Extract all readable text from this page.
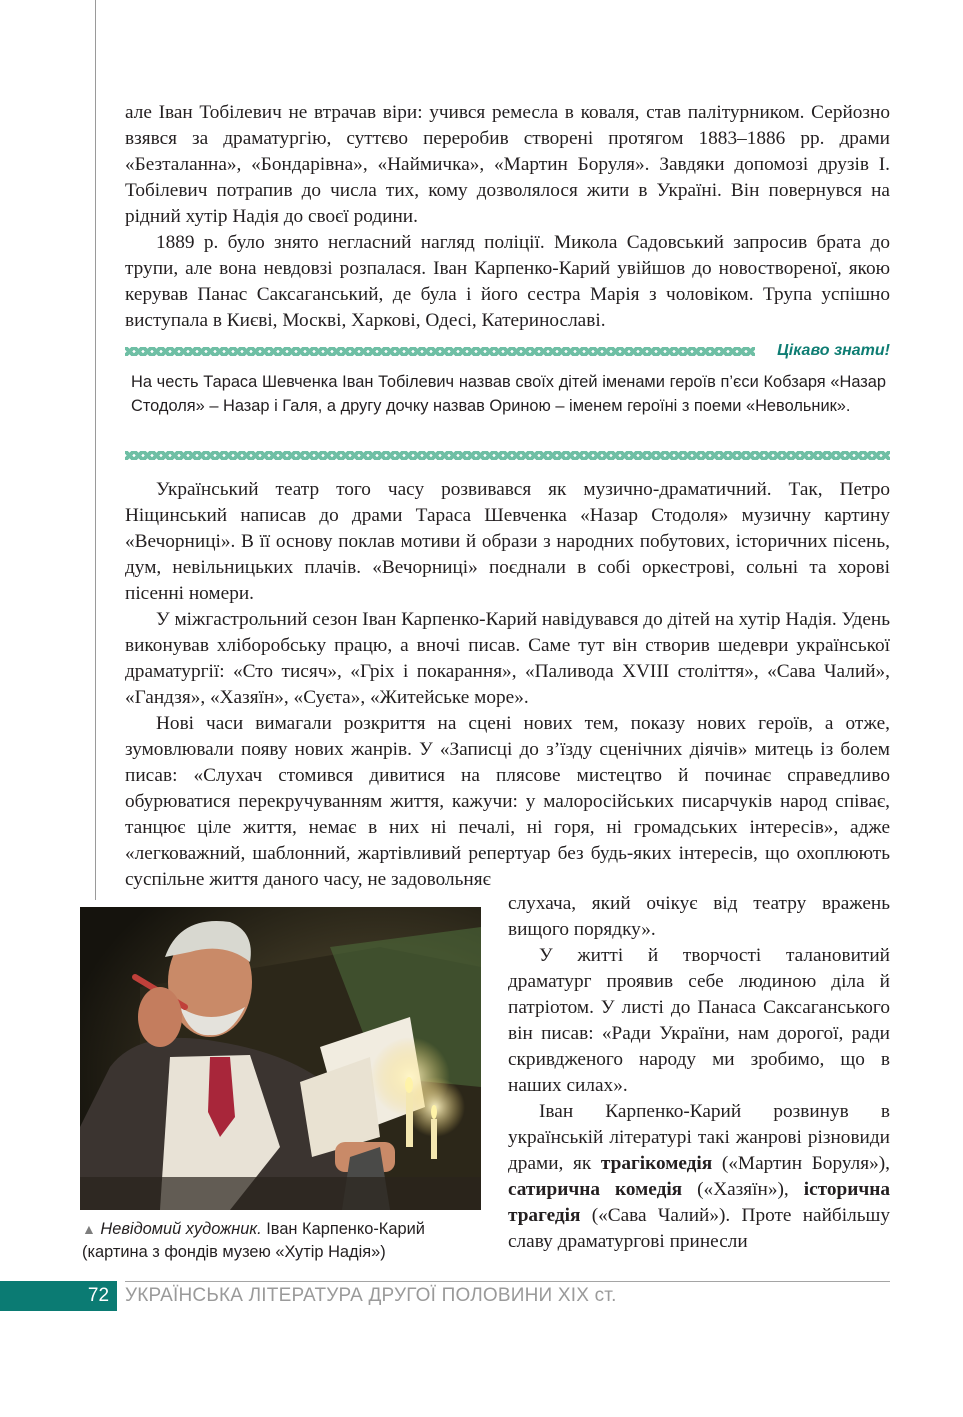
але Іван Тобілевич не втрачав віри: учився ремесла в коваля, став палітурником. Серйозно взявся за драматургію, суттєво переробив створені протягом 1883–1886 рр. драми «Безталанна», «Бондарівна», «Наймичка», «Мартин Боруля». Завдяки допомозі друзів І. Тобілевич потрапив до числа тих, кому дозволялося жити в Україні. Він повернувся на рідний хутір Надія до своєї родини.

1889 р. було знято негласний нагляд поліції. Микола Садовський запросив брата до трупи, але вона невдовзі розпалася. Іван Карпенко-Карий увійшов до новоствореної, якою керував Панас Саксаганський, де була і його сестра Марія з чоловіком. Трупа успішно виступала в Києві, Москві, Харкові, Одесі, Катеринославі.

Цікаво знати!

На честь Тараса Шевченка Іван Тобілевич назвав своїх дітей іменами героїв п’єси Кобзаря «Назар Стодоля» – Назар і Галя, а другу дочку назвав Ориною – іменем героїні з поеми «Невольник».

Український театр того часу розвивався як музично-драматичний. Так, Петро Ніщинський написав до драми Тараса Шевченка «Назар Стодоля» музичну картину «Вечорниці». В її основу поклав мотиви й образи з народних побутових, історичних пісень, дум, невільницьких плачів. «Вечорниці» поєднали в собі оркестрові, сольні та хорові пісенні номери.

У міжгастрольний сезон Іван Карпенко-Карий навідувався до дітей на хутір Надія. Удень виконував хліборобську працю, а вночі писав. Саме тут він створив шедеври української драматургії: «Сто тисяч», «Гріх і покарання», «Паливода XVIII століття», «Сава Чалий», «Гандзя», «Хазяїн», «Суєта», «Житейське море».

Нові часи вимагали розкриття на сцені нових тем, показу нових героїв, а отже, зумовлювали появу нових жанрів. У «Записці до з’їзду сценічних діячів» митець із болем писав: «Слухач стомився дивитися на плясове мистецтво й починає справедливо обурюватися перекручуванням життя, кажучи: у малоросійських писарчуків народ співає, танцює ціле життя, немає в них ні печалі, ні горя, ні громадських інтересів», адже «легковажний, шаблонний, жартівливий репертуар без будь-яких інтересів, що охоплюють суспільне життя даного часу, не задовольняє

▲ Невідомий художник. Іван Карпенко-Карий (картина з фондів музею «Хутір Надія»)

слухача, який очікує від театру вражень вищого порядку».

У житті й творчості талановитий драматург проявив себе людиною діла й патріотом. У листі до Панаса Саксаганського він писав: «Ради України, нам дорогої, ради скривдженого народу ми зробимо, що в наших силах».

Іван Карпенко-Карий розвинув в українській літературі такі жанрові різновиди драми, як трагікомедія («Мартин Боруля»), сатирична комедія («Хазяїн»), історична трагедія («Сава Чалий»). Проте найбільшу славу драматургові принесли

72 УКРАЇНСЬКА ЛІТЕРАТУРА ДРУГОЇ ПОЛОВИНИ XIX ст.
